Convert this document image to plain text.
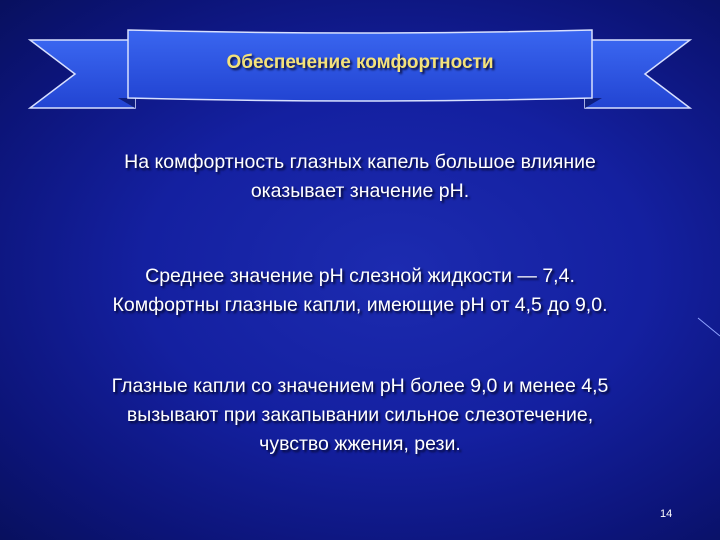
Обеспечение комфортности
На комфортность глазных капель большое влияние
оказывает значение pH.
Среднее значение pH слезной жидкости — 7,4.
Комфортны глазные капли, имеющие pH от 4,5 до 9,0.
Глазные капли со значением pH более 9,0 и менее 4,5
вызывают при закапывании сильное слезотечение,
чувство жжения, рези.
14
